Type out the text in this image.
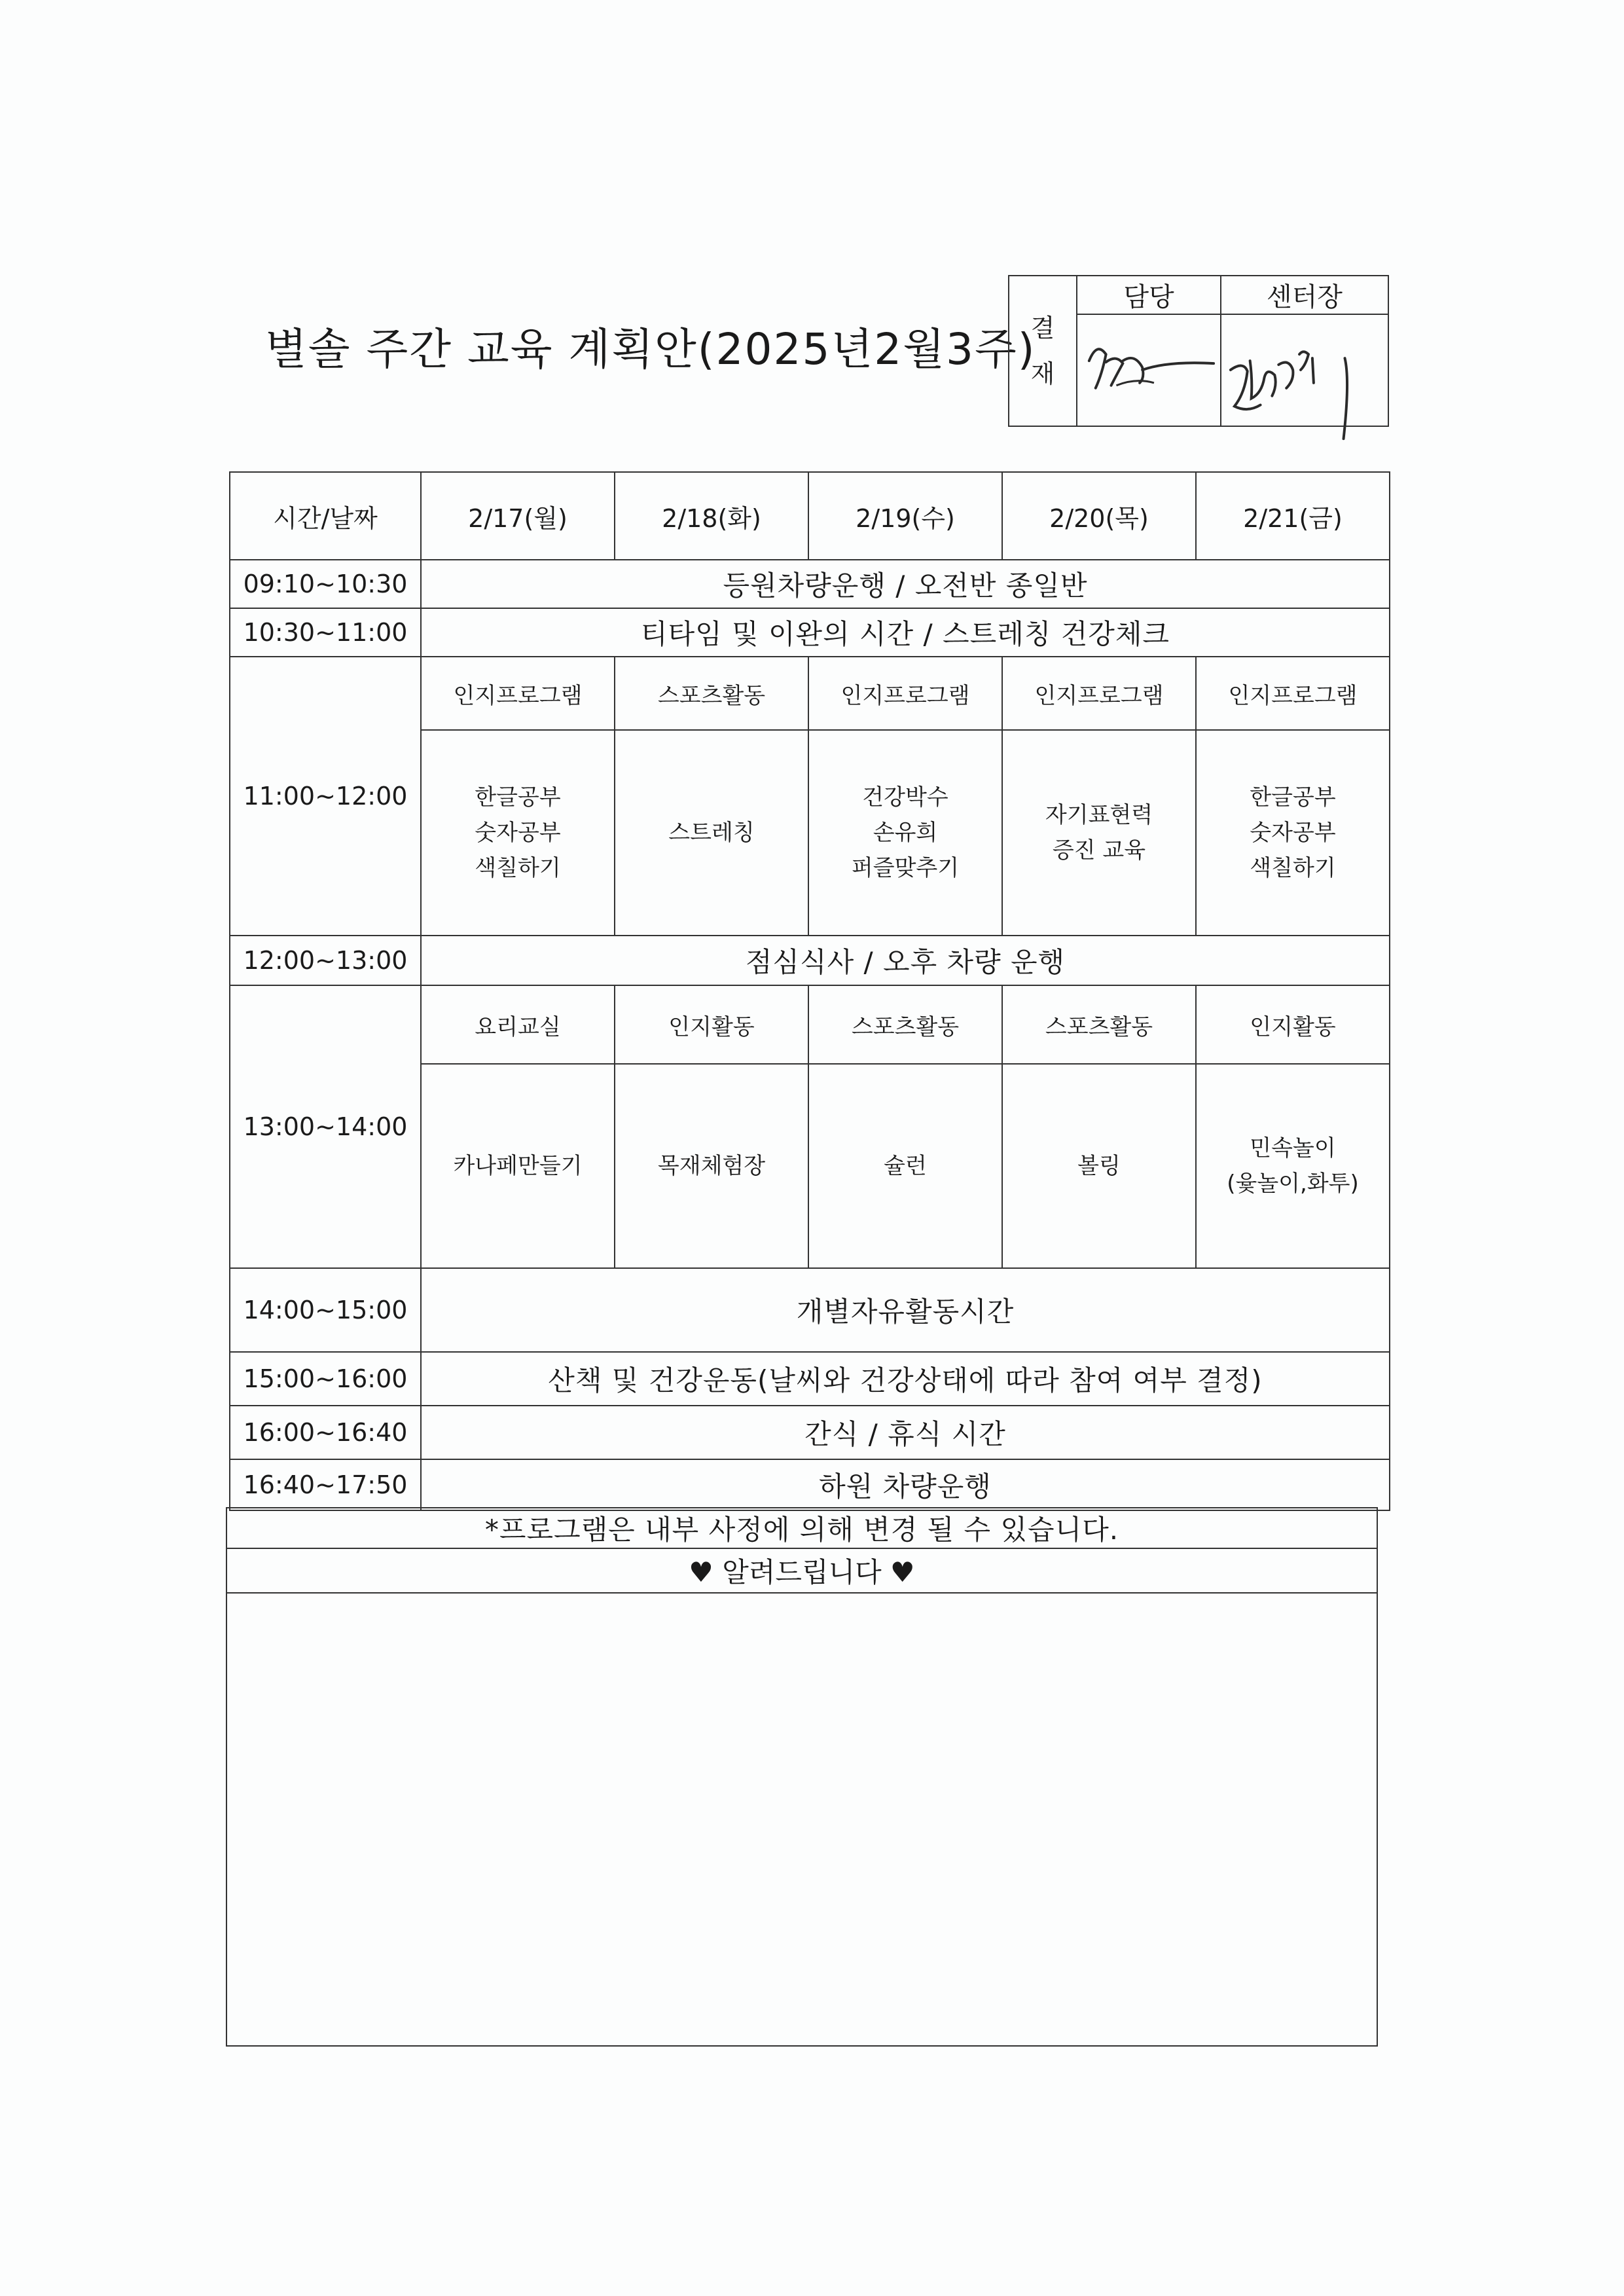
별솔 주간 교육 계획안(2025년2월3주)
결
재	담당	센터장

시간/날짜	2/17(월)	2/18(화)	2/19(수)	2/20(목)	2/21(금)
09:10~10:30	등원차량운행 / 오전반 종일반				
10:30~11:00	티타임 및 이완의 시간 / 스트레칭 건강체크				
11:00~12:00	인지프로그램	스포츠활동	인지프로그램	인지프로그램	인지프로그램

	한글공부
숫자공부
색칠하기	스트레칭	건강박수
손유희
퍼즐맞추기	자기표현력
증진 교육	한글공부
숫자공부
색칠하기

12:00~13:00	점심식사 / 오후 차량 운행				
13:00~14:00	요리교실	인지활동	스포츠활동	스포츠활동	인지활동

	카나페만들기	목재체험장	슐런	볼링	민속놀이
(윷놀이,화투)

14:00~15:00	개별자유활동시간				
15:00~16:00	산책 및 건강운동(날씨와 건강상태에 따라 참여 여부 결정)				
16:00~16:40	간식 / 휴식 시간				
16:40~17:50	하원 차량운행				
*프로그램은 내부 사정에 의해 변경 될 수 있습니다.
♥ 알려드립니다 ♥
